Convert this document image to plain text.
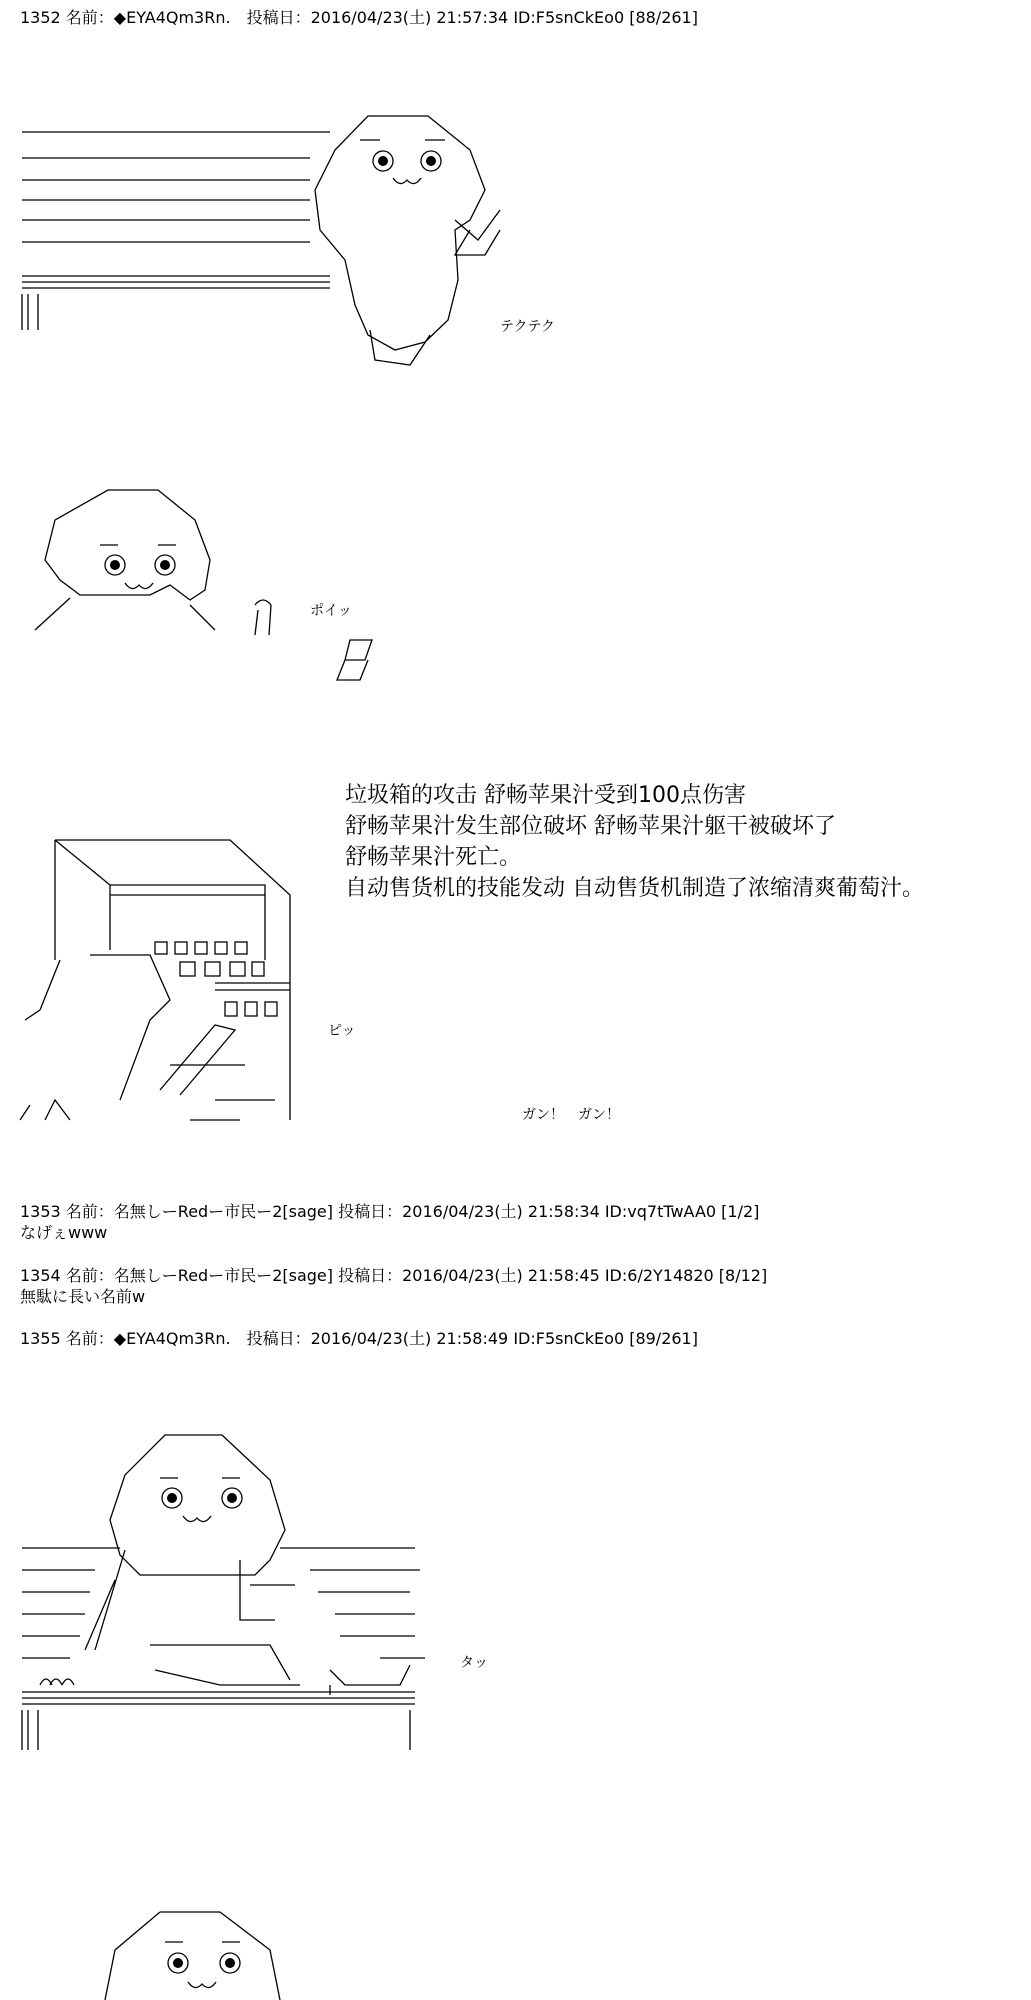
1352 名前：◆EYA4Qm3Rn.　投稿日：2016/04/23(土) 21:57:34 ID:F5snCkEo0 [88/261]
テクテク
ポイッ
ピッ
ガン！　ガン！
垃圾箱的攻击 舒畅苹果汁受到100点伤害
舒畅苹果汁发生部位破坏 舒畅苹果汁躯干被破坏了
舒畅苹果汁死亡。
自动售货机的技能发动 自动售货机制造了浓缩清爽葡萄汁。
1353 名前：名無しーRedー市民ー2[sage] 投稿日：2016/04/23(土) 21:58:34 ID:vq7tTwAA0 [1/2]
なげぇwww
1354 名前：名無しーRedー市民ー2[sage] 投稿日：2016/04/23(土) 21:58:45 ID:6/2Y14820 [8/12]
無駄に長い名前w
1355 名前：◆EYA4Qm3Rn.　投稿日：2016/04/23(土) 21:58:49 ID:F5snCkEo0 [89/261]
タッ
